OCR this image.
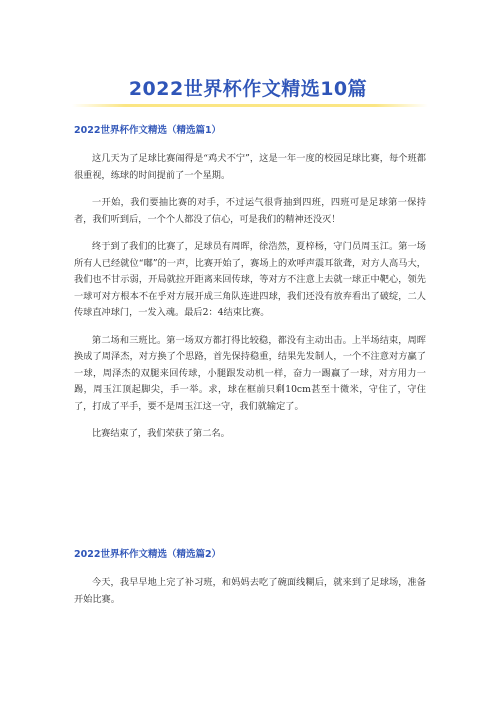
2022世界杯作文精选10篇
2022世界杯作文精选（精选篇1）

这几天为了足球比赛闹得是“鸡犬不宁”，这是一年一度的校园足球比赛，每个班都很重视，练球的时间提前了一个星期。

一开始，我们要抽比赛的对手，不过运气很背抽到四班，四班可是足球第一保持者，我们听到后，一个个人都没了信心，可是我们的精神还没灭！

终于到了我们的比赛了，足球员有周晖，徐浩然，夏梓杨，守门员周玉江。第一场所有人已经就位“嘟”的一声，比赛开始了，赛场上的欢呼声震耳欲聋，对方人高马大，我们也不甘示弱，开局就拉开距离来回传球，等对方不注意上去就一球正中靶心，领先一球可对方根本不在乎对方展开成三角队连进四球，我们还没有放弃看出了破绽，二人传球直冲球门，一发入魂。最后2：4结束比赛。

第二场和三班比。第一场双方都打得比较稳，都没有主动出击。上半场结束，周晖换成了周泽杰，对方换了个思路，首先保持稳重，结果先发制人，一个不注意对方赢了一球，周泽杰的双腿来回传球，小腿跟发动机一样，奋力一踢赢了一球，对方用力一踢，周玉江顶起脚尖，手一举。求，球在框前只剩10cm甚至十微米，守住了，守住了，打成了平手，要不是周玉江这一守，我们就输定了。

比赛结束了，我们荣获了第二名。

2022世界杯作文精选（精选篇2）

今天，我早早地上完了补习班，和妈妈去吃了碗面线糊后，就来到了足球场，准备开始比赛。
